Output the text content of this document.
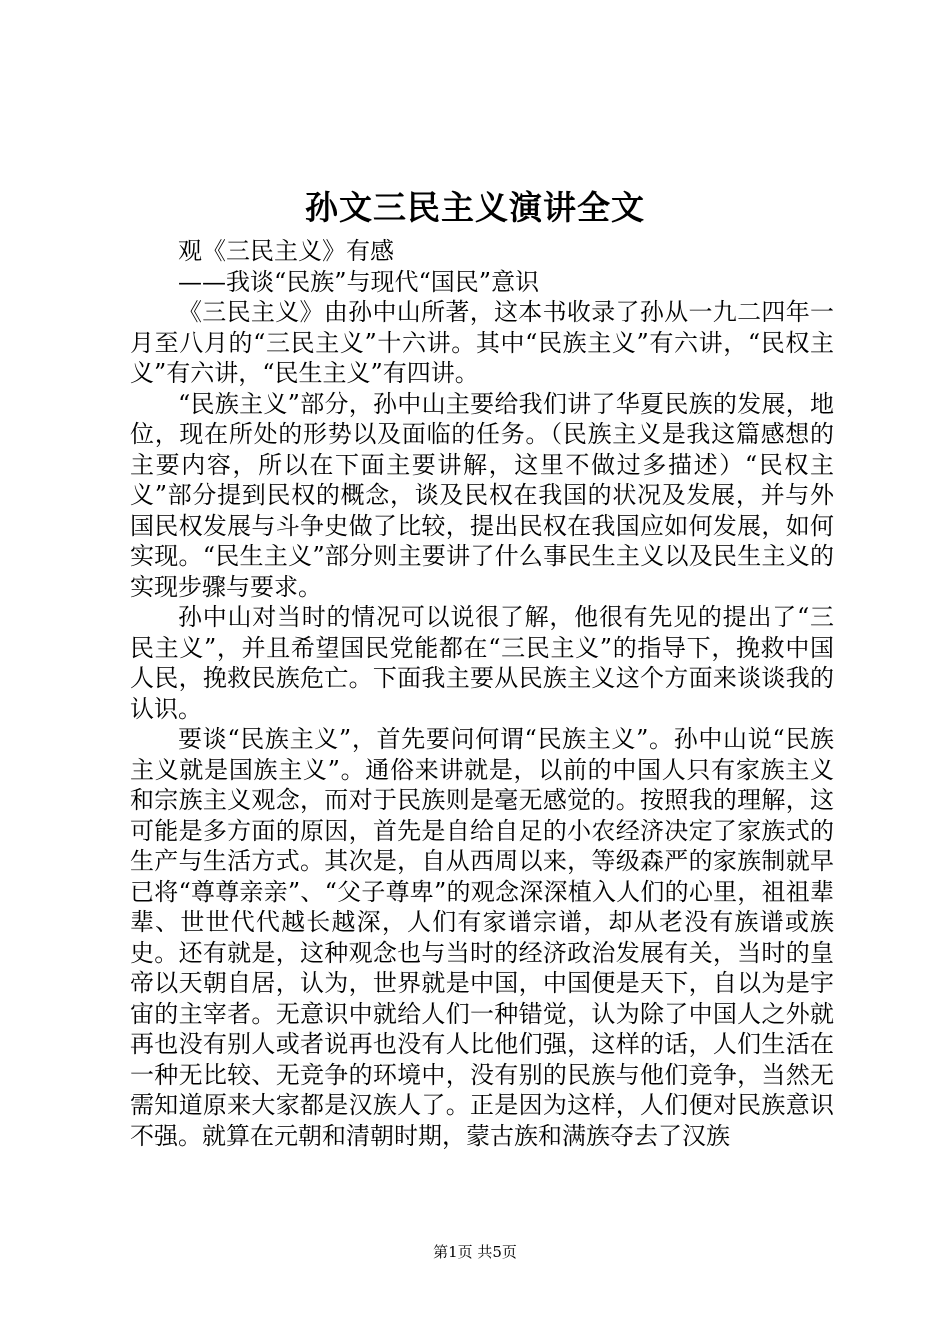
孙文三民主义演讲全文

观《三民主义》有感

——我谈“民族”与现代“国民”意识

《三民主义》由孙中山所著，这本书收录了孙从一九二四年一月至八月的“三民主义”十六讲。其中“民族主义”有六讲，“民权主义”有六讲，“民生主义”有四讲。

“民族主义”部分，孙中山主要给我们讲了华夏民族的发展，地位，现在所处的形势以及面临的任务。（民族主义是我这篇感想的主要内容，所以在下面主要讲解，这里不做过多描述）“民权主义”部分提到民权的概念，谈及民权在我国的状况及发展，并与外国民权发展与斗争史做了比较，提出民权在我国应如何发展，如何实现。“民生主义”部分则主要讲了什么事民生主义以及民生主义的实现步骤与要求。

孙中山对当时的情况可以说很了解，他很有先见的提出了“三民主义”，并且希望国民党能都在“三民主义”的指导下，挽救中国人民，挽救民族危亡。下面我主要从民族主义这个方面来谈谈我的认识。

要谈“民族主义”，首先要问何谓“民族主义”。孙中山说“民族主义就是国族主义”。通俗来讲就是，以前的中国人只有家族主义和宗族主义观念，而对于民族则是毫无感觉的。按照我的理解，这可能是多方面的原因，首先是自给自足的小农经济决定了家族式的生产与生活方式。其次是，自从西周以来，等级森严的家族制就早已将“尊尊亲亲”、“父子尊卑”的观念深深植入人们的心里，祖祖辈辈、世世代代越长越深，人们有家谱宗谱，却从老没有族谱或族史。还有就是，这种观念也与当时的经济政治发展有关，当时的皇帝以天朝自居，认为，世界就是中国，中国便是天下，自以为是宇宙的主宰者。无意识中就给人们一种错觉，认为除了中国人之外就再也没有别人或者说再也没有人比他们强，这样的话，人们生活在一种无比较、无竞争的环境中，没有别的民族与他们竞争，当然无需知道原来大家都是汉族人了。正是因为这样，人们便对民族意识不强。就算在元朝和清朝时期，蒙古族和满族夺去了汉族

第1页 共5页
